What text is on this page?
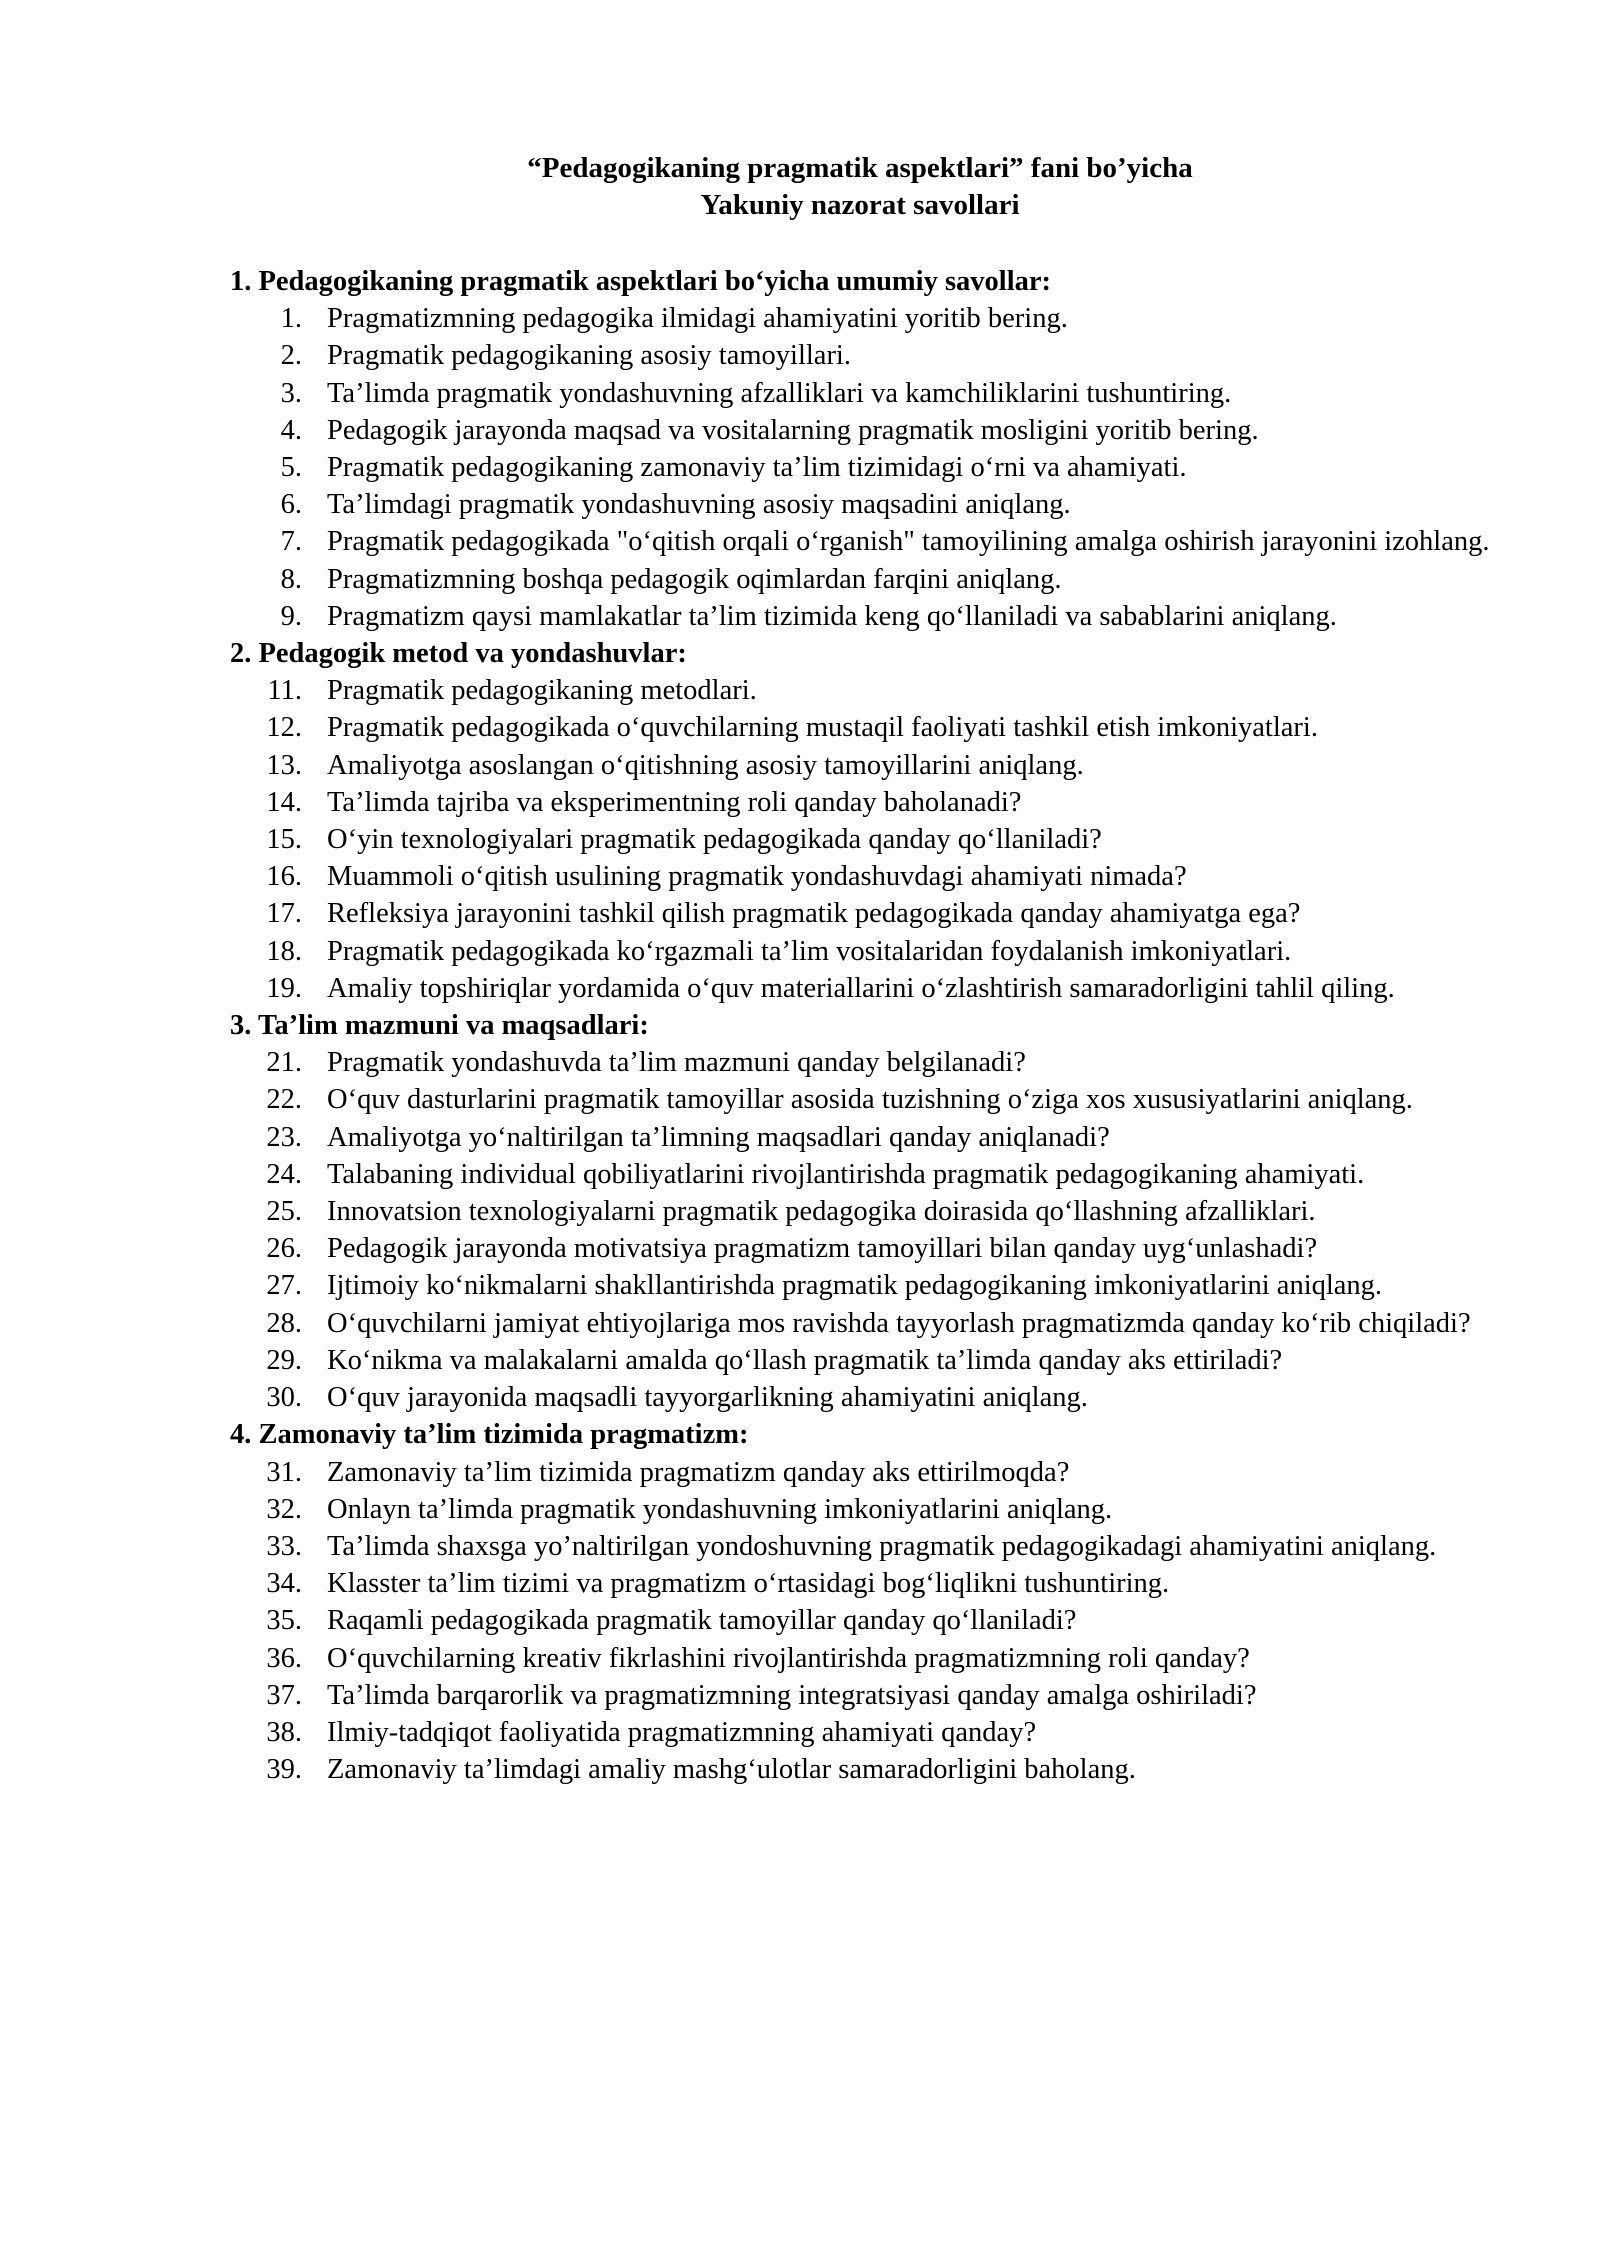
“Pedagogikaning pragmatik aspektlari” fani bo’yicha
Yakuniy nazorat savollari
1. Pedagogikaning pragmatik aspektlari bo‘yicha umumiy savollar:
1. Pragmatizmning pedagogika ilmidagi ahamiyatini yoritib bering.
2. Pragmatik pedagogikaning asosiy tamoyillari.
3. Ta’limda pragmatik yondashuvning afzalliklari va kamchiliklarini tushuntiring.
4. Pedagogik jarayonda maqsad va vositalarning pragmatik mosligini yoritib bering.
5. Pragmatik pedagogikaning zamonaviy ta’lim tizimidagi o‘rni va ahamiyati.
6. Ta’limdagi pragmatik yondashuvning asosiy maqsadini aniqlang.
7. Pragmatik pedagogikada "o‘qitish orqali o‘rganish" tamoyilining amalga oshirish jarayonini izohlang.
8. Pragmatizmning boshqa pedagogik oqimlardan farqini aniqlang.
9. Pragmatizm qaysi mamlakatlar ta’lim tizimida keng qo‘llaniladi va sabablarini aniqlang.
2. Pedagogik metod va yondashuvlar:
11. Pragmatik pedagogikaning metodlari.
12. Pragmatik pedagogikada o‘quvchilarning mustaqil faoliyati tashkil etish imkoniyatlari.
13. Amaliyotga asoslangan o‘qitishning asosiy tamoyillarini aniqlang.
14. Ta’limda tajriba va eksperimentning roli qanday baholanadi?
15. O‘yin texnologiyalari pragmatik pedagogikada qanday qo‘llaniladi?
16. Muammoli o‘qitish usulining pragmatik yondashuvdagi ahamiyati nimada?
17. Refleksiya jarayonini tashkil qilish pragmatik pedagogikada qanday ahamiyatga ega?
18. Pragmatik pedagogikada ko‘rgazmali ta’lim vositalaridan foydalanish imkoniyatlari.
19. Amaliy topshiriqlar yordamida o‘quv materiallarini o‘zlashtirish samaradorligini tahlil qiling.
3. Ta’lim mazmuni va maqsadlari:
21. Pragmatik yondashuvda ta’lim mazmuni qanday belgilanadi?
22. O‘quv dasturlarini pragmatik tamoyillar asosida tuzishning o‘ziga xos xususiyatlarini aniqlang.
23. Amaliyotga yo‘naltirilgan ta’limning maqsadlari qanday aniqlanadi?
24. Talabaning individual qobiliyatlarini rivojlantirishda pragmatik pedagogikaning ahamiyati.
25. Innovatsion texnologiyalarni pragmatik pedagogika doirasida qo‘llashning afzalliklari.
26. Pedagogik jarayonda motivatsiya pragmatizm tamoyillari bilan qanday uyg‘unlashadi?
27. Ijtimoiy ko‘nikmalarni shakllantirishda pragmatik pedagogikaning imkoniyatlarini aniqlang.
28. O‘quvchilarni jamiyat ehtiyojlariga mos ravishda tayyorlash pragmatizmda qanday ko‘rib chiqiladi?
29. Ko‘nikma va malakalarni amalda qo‘llash pragmatik ta’limda qanday aks ettiriladi?
30. O‘quv jarayonida maqsadli tayyorgarlikning ahamiyatini aniqlang.
4. Zamonaviy ta’lim tizimida pragmatizm:
31. Zamonaviy ta’lim tizimida pragmatizm qanday aks ettirilmoqda?
32. Onlayn ta’limda pragmatik yondashuvning imkoniyatlarini aniqlang.
33. Ta’limda shaxsga yo’naltirilgan yondoshuvning pragmatik pedagogikadagi ahamiyatini aniqlang.
34. Klasster ta’lim tizimi va pragmatizm o‘rtasidagi bog‘liqlikni tushuntiring.
35. Raqamli pedagogikada pragmatik tamoyillar qanday qo‘llaniladi?
36. O‘quvchilarning kreativ fikrlashini rivojlantirishda pragmatizmning roli qanday?
37. Ta’limda barqarorlik va pragmatizmning integratsiyasi qanday amalga oshiriladi?
38. Ilmiy-tadqiqot faoliyatida pragmatizmning ahamiyati qanday?
39. Zamonaviy ta’limdagi amaliy mashg‘ulotlar samaradorligini baholang.
